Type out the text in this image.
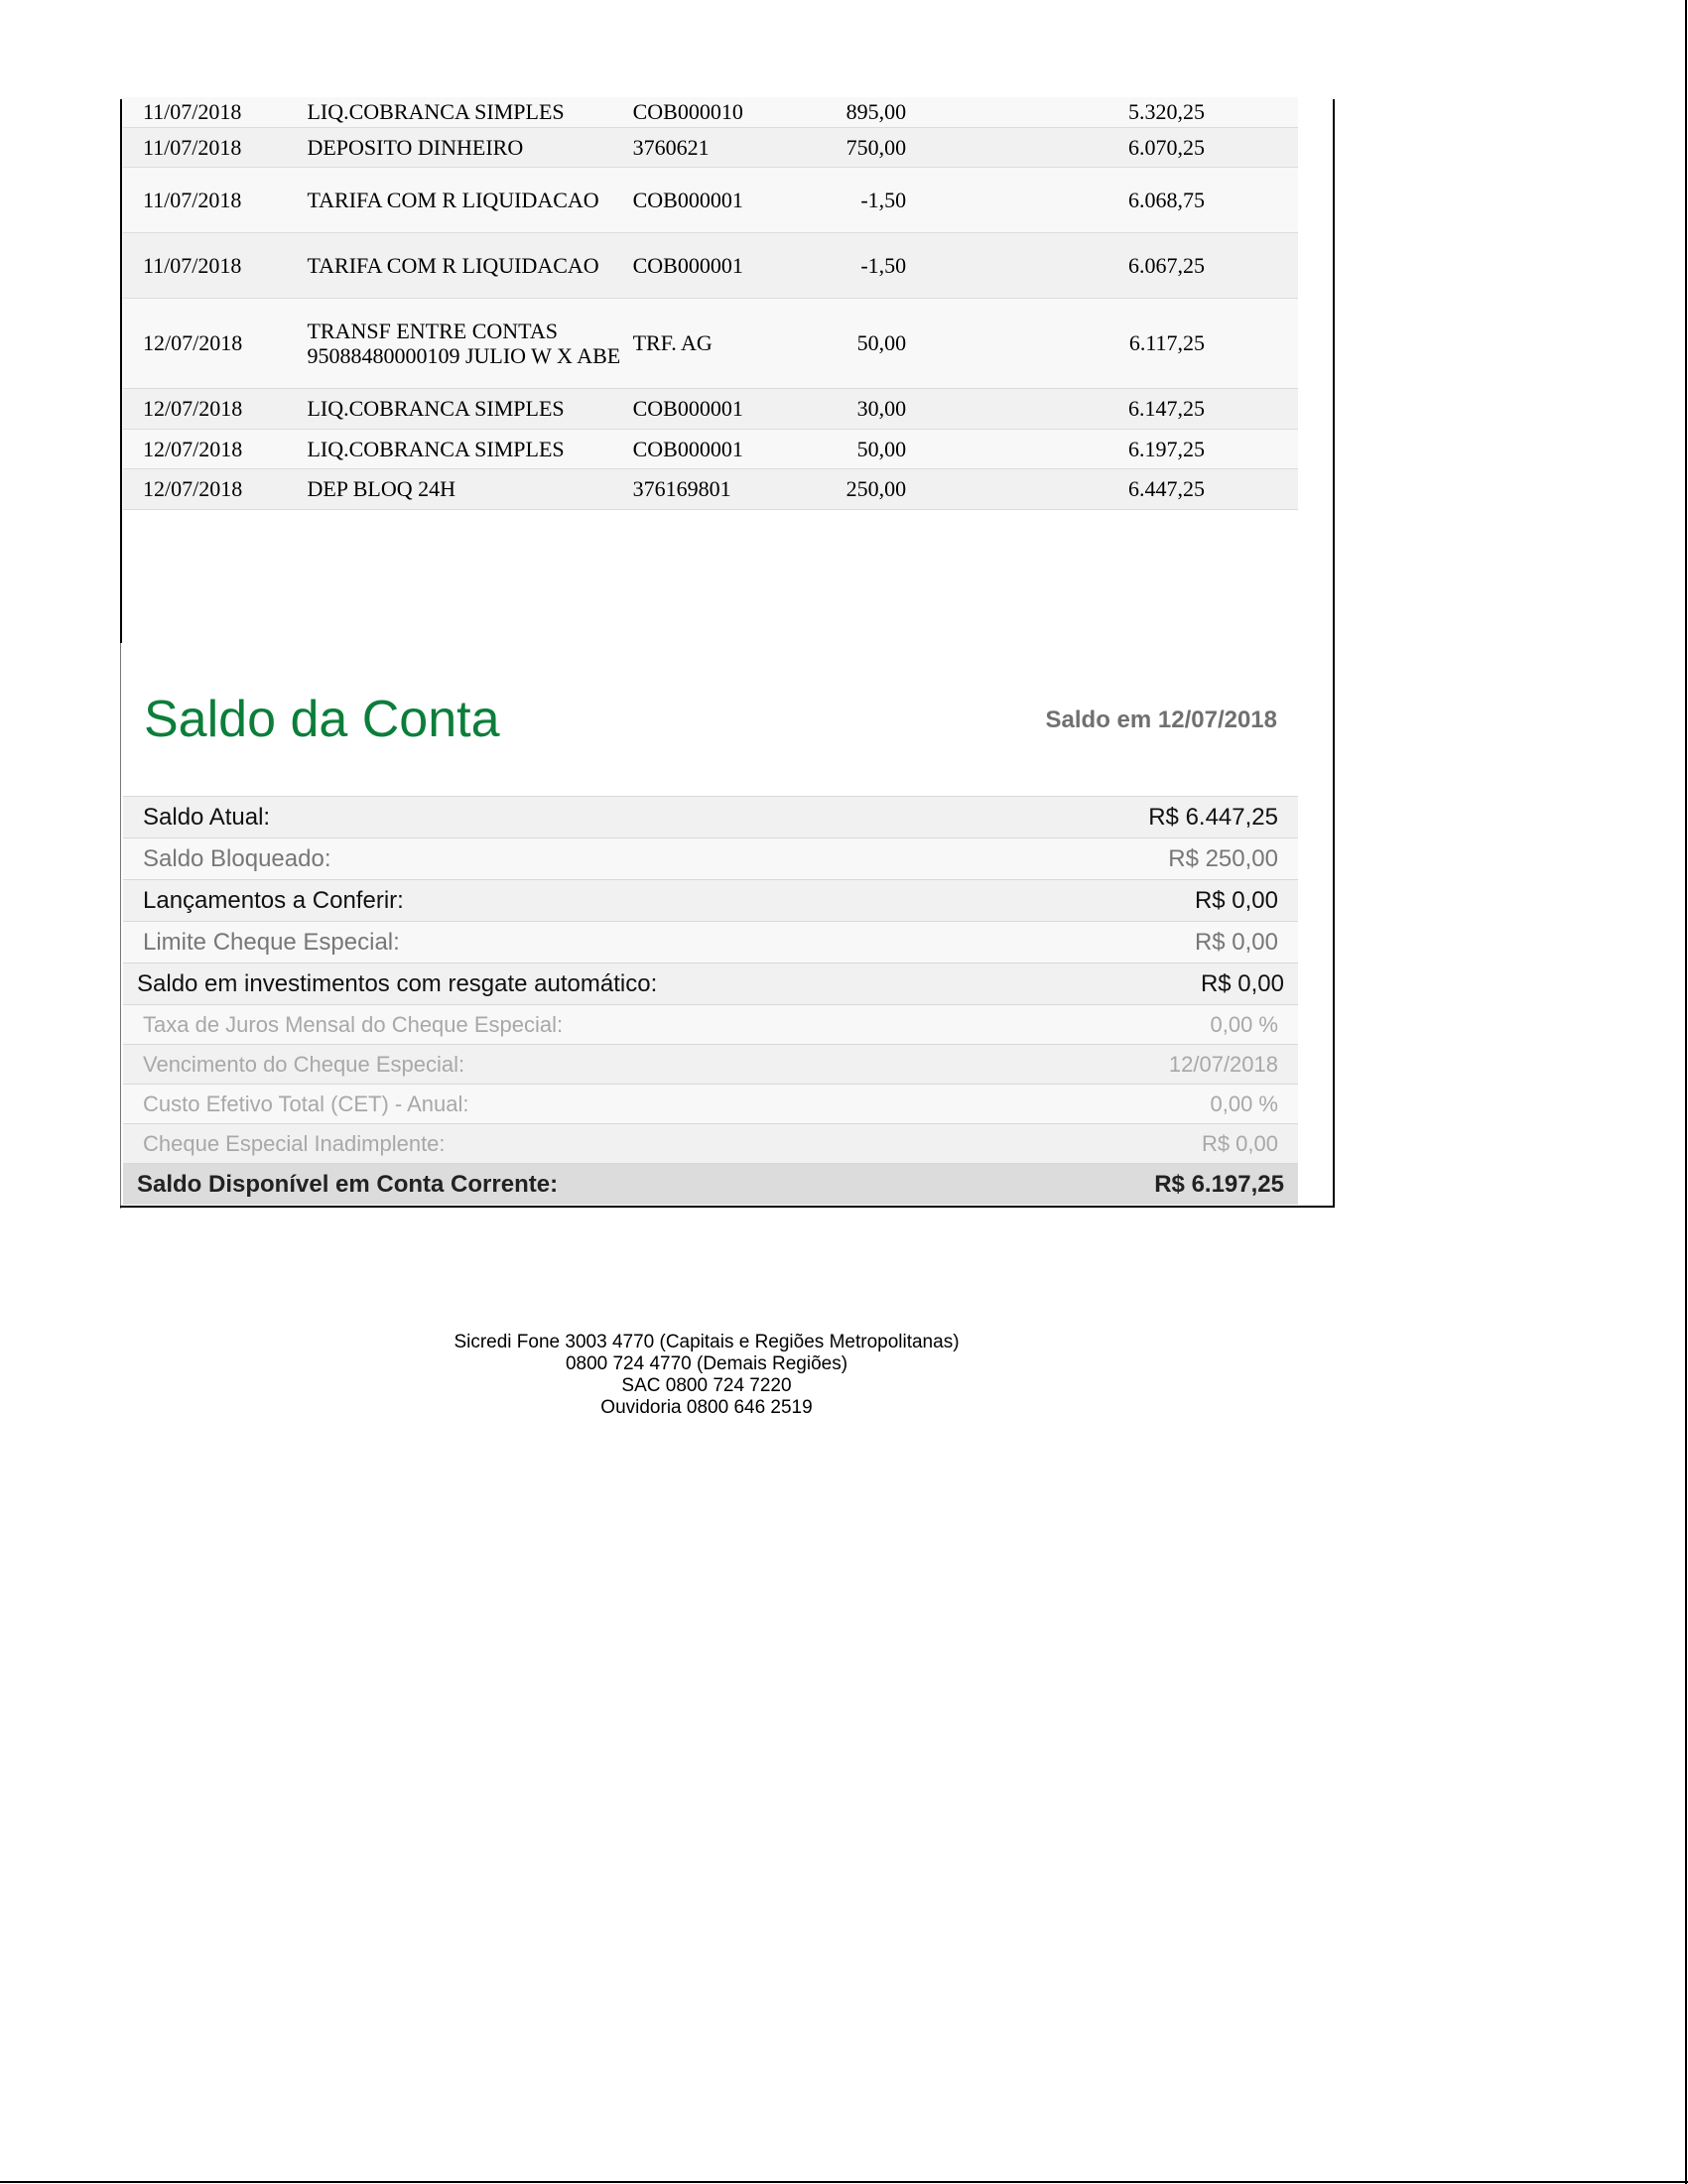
11/07/2018	LIQ.COBRANCA SIMPLES	COB000010	895,00	5.320,25
11/07/2018	DEPOSITO DINHEIRO	3760621	750,00	6.070,25
11/07/2018	TARIFA COM R LIQUIDACAO	COB000001	-1,50	6.068,75
11/07/2018	TARIFA COM R LIQUIDACAO	COB000001	-1,50	6.067,25
12/07/2018	TRANSF ENTRE CONTAS 95088480000109 JULIO W X ABE	TRF. AG	50,00	6.117,25
12/07/2018	LIQ.COBRANCA SIMPLES	COB000001	30,00	6.147,25
12/07/2018	LIQ.COBRANCA SIMPLES	COB000001	50,00	6.197,25
12/07/2018	DEP BLOQ 24H	376169801	250,00	6.447,25
Saldo da Conta	Saldo em 12/07/2018
Saldo Atual:	R$ 6.447,25
Saldo Bloqueado:	R$ 250,00
Lançamentos a Conferir:	R$ 0,00
Limite Cheque Especial:	R$ 0,00
Saldo em investimentos com resgate automático:	R$ 0,00
Taxa de Juros Mensal do Cheque Especial:	0,00 %
Vencimento do Cheque Especial:	12/07/2018
Custo Efetivo Total (CET) - Anual:	0,00 %
Cheque Especial Inadimplente:	R$ 0,00
Saldo Disponível em Conta Corrente:	R$ 6.197,25
Sicredi Fone 3003 4770 (Capitais e Regiões Metropolitanas)
0800 724 4770 (Demais Regiões)
SAC 0800 724 7220
Ouvidoria 0800 646 2519
